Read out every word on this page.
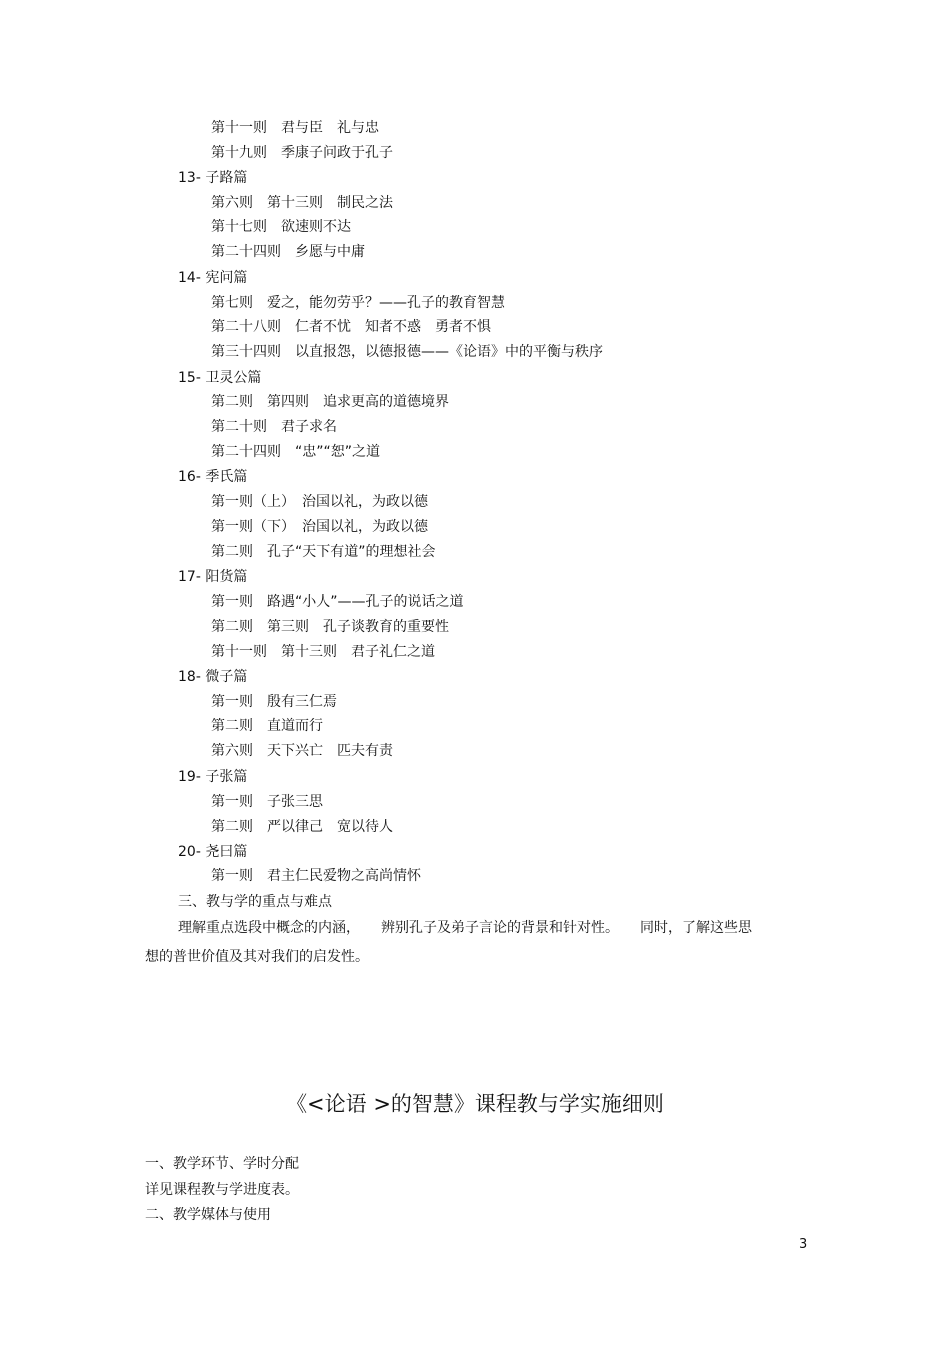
第十一则　君与臣　礼与忠
第十九则　季康子问政于孔子
13- 子路篇
第六则　第十三则　制民之法
第十七则　欲速则不达
第二十四则　乡愿与中庸
14- 宪问篇
第七则　爱之，能勿劳乎？——孔子的教育智慧
第二十八则　仁者不忧　知者不惑　勇者不惧
第三十四则　以直报怨，以德报德——《论语》中的平衡与秩序
15- 卫灵公篇
第二则　第四则　追求更高的道德境界
第二十则　君子求名
第二十四则　“忠”“恕”之道
16- 季氏篇
第一则（上）　治国以礼，为政以德
第一则（下）　治国以礼，为政以德
第二则　孔子“天下有道”的理想社会
17- 阳货篇
第一则　路遇“小人”——孔子的说话之道
第二则　第三则　孔子谈教育的重要性
第十一则　第十三则　君子礼仁之道
18- 微子篇
第一则　殷有三仁焉
第二则　直道而行
第六则　天下兴亡　匹夫有责
19- 子张篇
第一则　子张三思
第二则　严以律己　宽以待人
20- 尧曰篇
第一则　君主仁民爱物之高尚情怀
三、教与学的重点与难点
理解重点选段中概念的内涵，　　辨别孔子及弟子言论的背景和针对性。　　同时，了解这些思
想的普世价值及其对我们的启发性。
《<论语 >的智慧》课程教与学实施细则
一、教学环节、学时分配
详见课程教与学进度表。
二、教学媒体与使用
3
